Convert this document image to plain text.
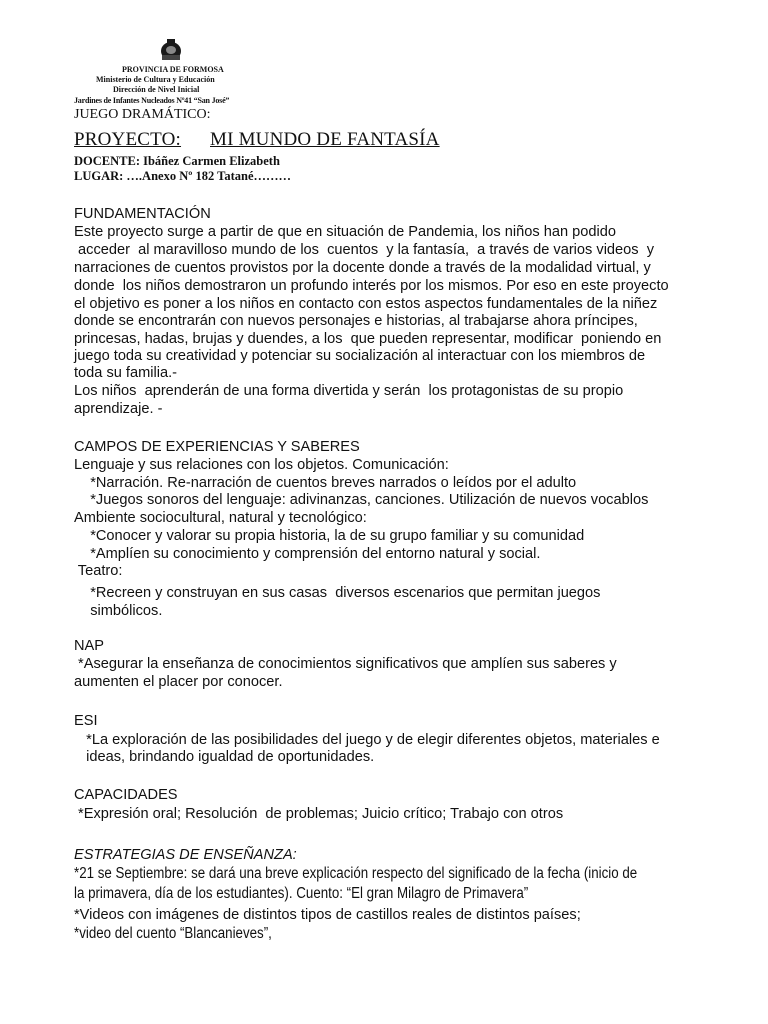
PROVINCIA DE FORMOSA
Ministerio de Cultura y Educación
Dirección de Nivel Inicial
Jardines de Infantes Nucleados Nº41 “San José”
JUEGO DRAMÁTICO:
PROYECTO: MI MUNDO DE FANTASÍA
DOCENTE: Ibáñez Carmen Elizabeth
LUGAR: ….Anexo Nº 182 Tatané………
FUNDAMENTACIÓN
Este proyecto surge a partir de que en situación de Pandemia, los niños han podido
acceder  al maravilloso mundo de los  cuentos  y la fantasía,  a través de varios videos  y
narraciones de cuentos provistos por la docente donde a través de la modalidad virtual, y
donde  los niños demostraron un profundo interés por los mismos. Por eso en este proyecto
el objetivo es poner a los niños en contacto con estos aspectos fundamentales de la niñez
donde se encontrarán con nuevos personajes e historias, al trabajarse ahora príncipes,
princesas, hadas, brujas y duendes, a los  que pueden representar, modificar  poniendo en
juego toda su creatividad y potenciar su socialización al interactuar con los miembros de
toda su familia.-
Los niños  aprenderán de una forma divertida y serán  los protagonistas de su propio
aprendizaje. -
CAMPOS DE EXPERIENCIAS Y SABERES
Lenguaje y sus relaciones con los objetos. Comunicación:
*Narración. Re-narración de cuentos breves narrados o leídos por el adulto
*Juegos sonoros del lenguaje: adivinanzas, canciones. Utilización de nuevos vocablos
Ambiente sociocultural, natural y tecnológico:
*Conocer y valorar su propia historia, la de su grupo familiar y su comunidad
*Amplíen su conocimiento y comprensión del entorno natural y social.
Teatro:
*Recreen y construyan en sus casas  diversos escenarios que permitan juegos
simbólicos.
NAP
*Asegurar la enseñanza de conocimientos significativos que amplíen sus saberes y
aumenten el placer por conocer.
ESI
*La exploración de las posibilidades del juego y de elegir diferentes objetos, materiales e
ideas, brindando igualdad de oportunidades.
CAPACIDADES
*Expresión oral; Resolución  de problemas; Juicio crítico; Trabajo con otros
ESTRATEGIAS DE ENSEÑANZA:
*21 se Septiembre: se dará una breve explicación respecto del significado de la fecha (inicio de
la primavera, día de los estudiantes). Cuento: “El gran Milagro de Primavera”
*Videos con imágenes de distintos tipos de castillos reales de distintos países;
*video del cuento “Blancanieves”,
